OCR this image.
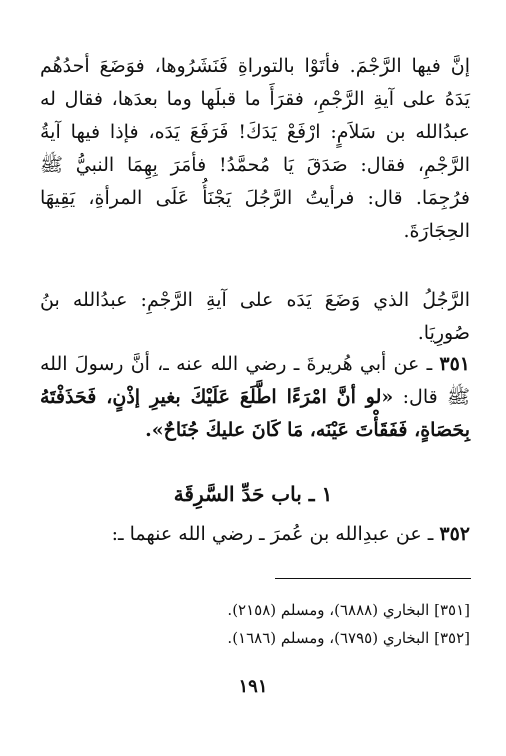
إنَّ فيها الرَّجْمَ. فأتَوْا بالتوراةِ فَنَشَرُوها، فوَضَعَ أحدُهُم يَدَهُ على آيةِ الرَّجْمِ، فقرَأَ ما قبلَها وما بعدَها، فقال له عبدُالله بن سَلاَمٍ: ارْفَعْ يَدَكَ! فَرَفَعَ يَدَه، فإذا فيها آيةُ الرَّجْمِ، فقال: صَدَقَ يَا مُحمَّدُ! فأمَرَ بِهِمَا النبيُّ ﷺ فرُجِمَا. قال: فرأيتُ الرَّجُلَ يَجْنَأُ عَلَى المرأةِ، يَقِيهَا الحِجَارَةَ.

الرَّجُلُ الذي وَضَعَ يَدَه على آيةِ الرَّجْمِ: عبدُالله بنُ صُورِيَا.

٣٥١ ـ عن أبي هُريرةَ ـ رضي الله عنه ـ، أنَّ رسولَ الله ﷺ قال: «لو أنَّ امْرَءًا اطَّلَعَ عَلَيْكَ بغيرِ إذْنٍ، فَحَذَفْتَهُ بِحَصَاةٍ، فَفَقَأْتَ عَيْنَه، مَا كَانَ عليكَ جُنَاحٌ».

١ ـ باب حَدِّ السَّرِقَة

٣٥٢ ـ عن عبدِالله بن عُمرَ ـ رضي الله عنهما ـ:

[٣٥١] البخاري (٦٨٨٨)، ومسلم (٢١٥٨).

[٣٥٢] البخاري (٦٧٩٥)، ومسلم (١٦٨٦).

١٩١
